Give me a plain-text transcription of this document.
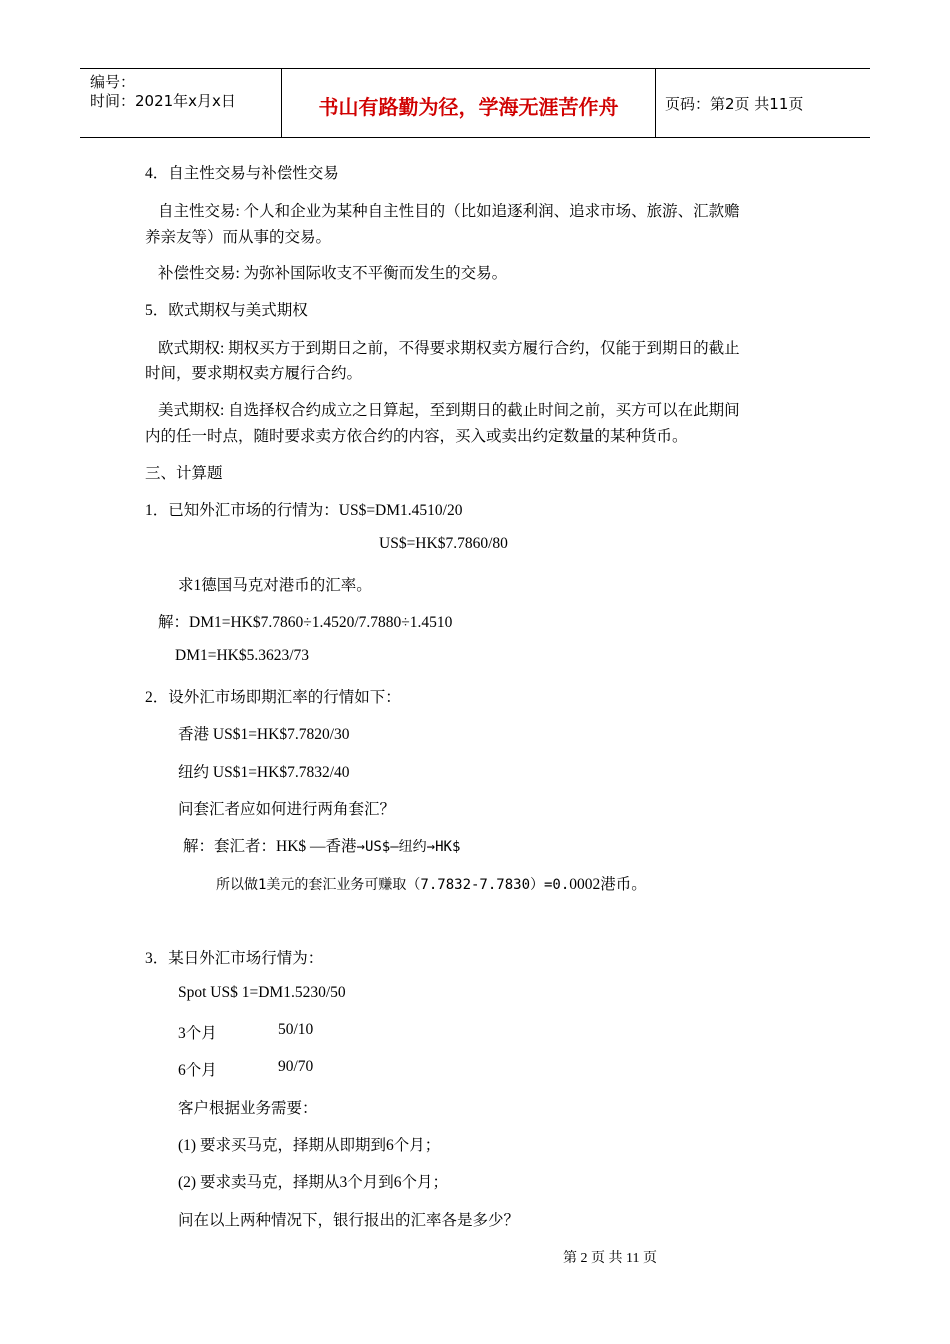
编号：
时间：2021年x月x日	书山有路勤为径，学海无涯苦作舟	页码：第2页 共11页
4．自主性交易与补偿性交易
自主性交易: 个人和企业为某种自主性目的（比如追逐利润、追求市场、旅游、汇款赡
养亲友等）而从事的交易。
补偿性交易: 为弥补国际收支不平衡而发生的交易。
5．欧式期权与美式期权
欧式期权: 期权买方于到期日之前，不得要求期权卖方履行合约，仅能于到期日的截止
时间，要求期权卖方履行合约。
美式期权: 自选择权合约成立之日算起，至到期日的截止时间之前，买方可以在此期间
内的任一时点，随时要求卖方依合约的内容，买入或卖出约定数量的某种货币。
三、计算题
1．已知外汇市场的行情为：US$=DM1.4510/20
US$=HK$7.7860/80
求1德国马克对港币的汇率。
解：DM1=HK$7.7860÷1.4520/7.7880÷1.4510
DM1=HK$5.3623/73
2．设外汇市场即期汇率的行情如下：
香港 US$1=HK$7.7820/30
纽约 US$1=HK$7.7832/40
问套汇者应如何进行两角套汇？
解：套汇者：HK$ —香港→US$—纽约→HK$
所以做1美元的套汇业务可赚取（7.7832-7.7830）=0.0002港币。
3．某日外汇市场行情为：
Spot US$ 1=DM1.5230/50
3个月	50/10
6个月	90/70
客户根据业务需要：
(1) 要求买马克，择期从即期到6个月；
(2) 要求卖马克，择期从3个月到6个月；
问在以上两种情况下，银行报出的汇率各是多少？
第 2 页 共 11 页
